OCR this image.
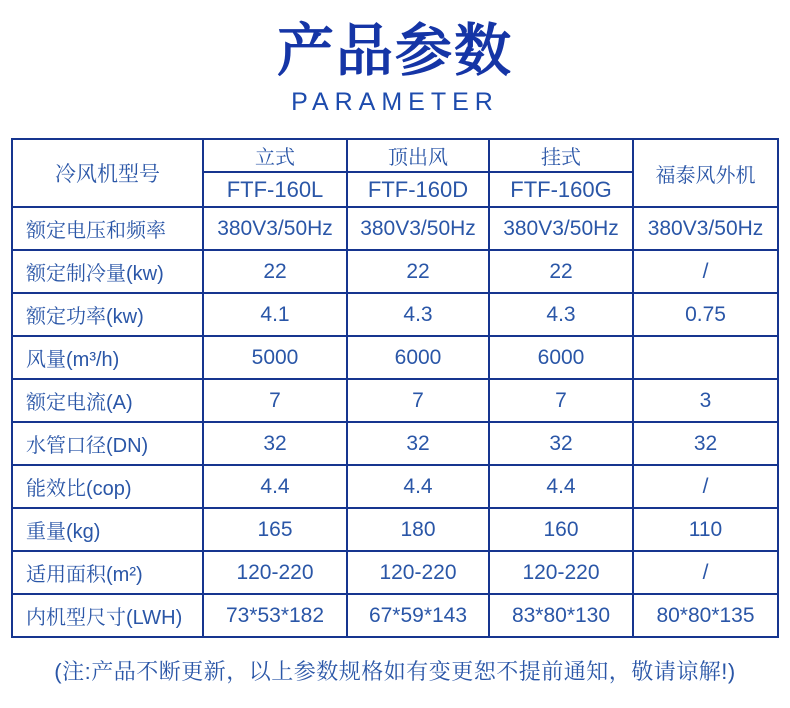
产品参数
PARAMETER
冷风机型号	立式	顶出风	挂式	福泰风外机
	FTF-160L	FTF-160D	FTF-160G	
额定电压和频率	380V3/50Hz	380V3/50Hz	380V3/50Hz	380V3/50Hz
额定制冷量(kw)	22	22	22	/
额定功率(kw)	4.1	4.3	4.3	0.75
风量(m³/h)	5000	6000	6000	
额定电流(A)	7	7	7	3
水管口径(DN)	32	32	32	32
能效比(cop)	4.4	4.4	4.4	/
重量(kg)	165	180	160	110
适用面积(m²)	120-220	120-220	120-220	/
内机型尺寸(LWH)	73*53*182	67*59*143	83*80*130	80*80*135
(注:产品不断更新，以上参数规格如有变更恕不提前通知，敬请谅解!)
